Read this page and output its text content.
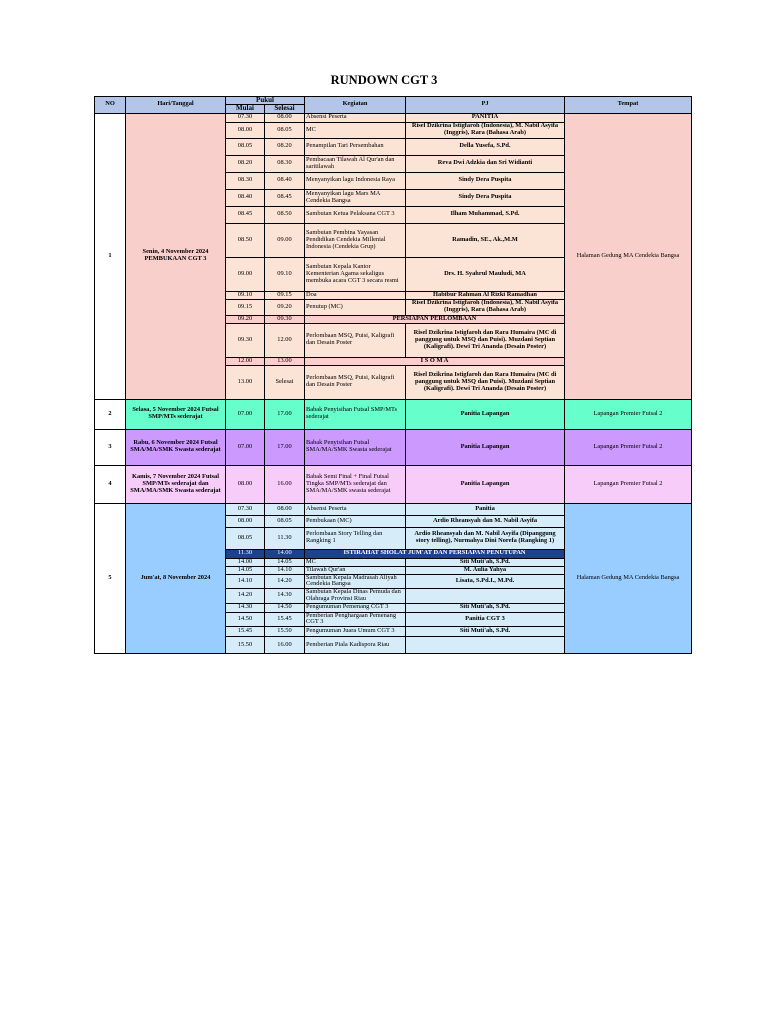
RUNDOWN CGT 3
NO	Hari/Tanggal	Pukul		Kegiatan	PJ	Tempat
		Mulai	Selesai			
1	Senin, 4 November 2024 PEMBUKAAN CGT 3	07.30	08.00	Absensi Peserta	PANITIA	Halaman Gedung MA Cendekia Bangsa
		08.00	08.05	MC	Risel Dzikrina Istigfaroh (Indonesia), M. Nabil Asyifa (Inggris), Rara (Bahasa Arab)	
		08.05	08.20	Penampilan Tari Persembahan	Della Yusefa, S.Pd.	
		08.20	08.30	Pembacaan Tilawah Al Qur'an dan saritilawah	Reva Dwi Adzkia dan Sri Widianti	
		08.30	08.40	Menyanyikan lagu Indonesia Raya	Sindy Dera Puspita	
		08.40	08.45	Menyanyikan lagu Mars MA Cendekia Bangsa	Sindy Dera Puspita	
		08.45	08.50	Sambutan Ketua Pelaksana CGT 3	Ilham Muhammad, S.Pd.	
		08.50	09.00	Sambutan Pembina Yayasan Pendidikan Cendekia Millenial Indonesia (Cendekia Grup)	Ramadin, SE., Ak.,M.M	
		09.00	09.10	Sambutan Kepala Kantor Kementerian Agama sekaligus membuka acara CGT 3 secara resmi	Drs. H. Syahrul Mauludi, MA	
		09.10	09.15	Doa	Habibur Rahman Al Rizki Ramadhan	
		09.15	09.20	Penutup (MC)	Risel Dzikrina Istigfaroh (Indonesia), M. Nabil Asyifa (Inggris), Rara (Bahasa Arab)	
		09.20	09.30	PERSIAPAN PERLOMBAAN		
		09.30	12.00	Perlombaan MSQ, Puisi, Kaligrafi dan Desain Poster	Risel Dzikrina Istigfaroh dan Rara Humaira (MC di panggung untuk MSQ dan Puisi). Muzdani Septian (Kaligrafi). Dewi Tri Ananda (Desain Poster)	
		12.00	13.00	I S O M A		
		13.00	Selesai	Perlombaan MSQ, Puisi, Kaligrafi dan Desain Poster	Risel Dzikrina Istigfaroh dan Rara Humaira (MC di panggung untuk MSQ dan Puisi). Muzdani Septian (Kaligrafi). Dewi Tri Ananda (Desain Poster)	
2	Selasa, 5 November 2024 Futsal SMP/MTs sederajat	07.00	17.00	Babak Penyisihan Futsal SMP/MTs sederajat	Panitia Lapangan	Lapangan Premier Futsal 2
3	Rabu, 6 November 2024 Futsal SMA/MA/SMK Swasta sederajat	07.00	17.00	Babak Penyisihan Futsal SMA/MA/SMK Swasta sederajat	Panitia Lapangan	Lapangan Premier Futsal 2
4	Kamis, 7 November 2024 Futsal SMP/MTs sederajat dan SMA/MA/SMK Swasta sederajat	08.00	16.00	Babak Semi Final + Final Futsal Tingka SMP/MTs sederajat dan SMA/MA/SMK swasta sederajat	Panitia Lapangan	Lapangan Premier Futsal 2
5	Jum'at, 8 November 2024	07.30	08.00	Absensi Peserta	Panitia	Halaman Gedung MA Cendekia Bangsa
		08.00	08.05	Pembukaan (MC)	Ardio Rheansyah dan M. Nabil Asyifa	
		08.05	11.30	Perlombaan Story Telling dan Rangking 1	Ardio Rheansyah dan M. Nabil Asyifa (Dipanggung story telling), Nurmahya Dini Norefa (Rangking 1)	
		11.30	14.00	ISTIRAHAT SHOLAT JUM'AT DAN PERSIAPAN PENUTUPAN		
		14.00	14.05	MC	Siti Muti'ah, S.Pd.	
		14.05	14.10	Tilawah Qur'an	M. Aulia Yahya	
		14.10	14.20	Sambutan Kepala Madrasah Aliyah Cendekia Bangsa	Lisata, S.Pd.I., M.Pd.	
		14.20	14.30	Sambutan Kepala Dinas Pemuda dan Olahraga Provinsi Riau		
		14.30	14.50	Pengumuman Pemenang CGT 3	Siti Muti'ah, S.Pd.	
		14.50	15.45	Pemberian Penghargaan Pemenang CGT 3	Panitia CGT 3	
		15.45	15.50	Pengumuman Juara Umum CGT 3	Siti Muti'ah, S.Pd.	
		15.50	16.00	Pemberian Piala Kadispora Riau		
